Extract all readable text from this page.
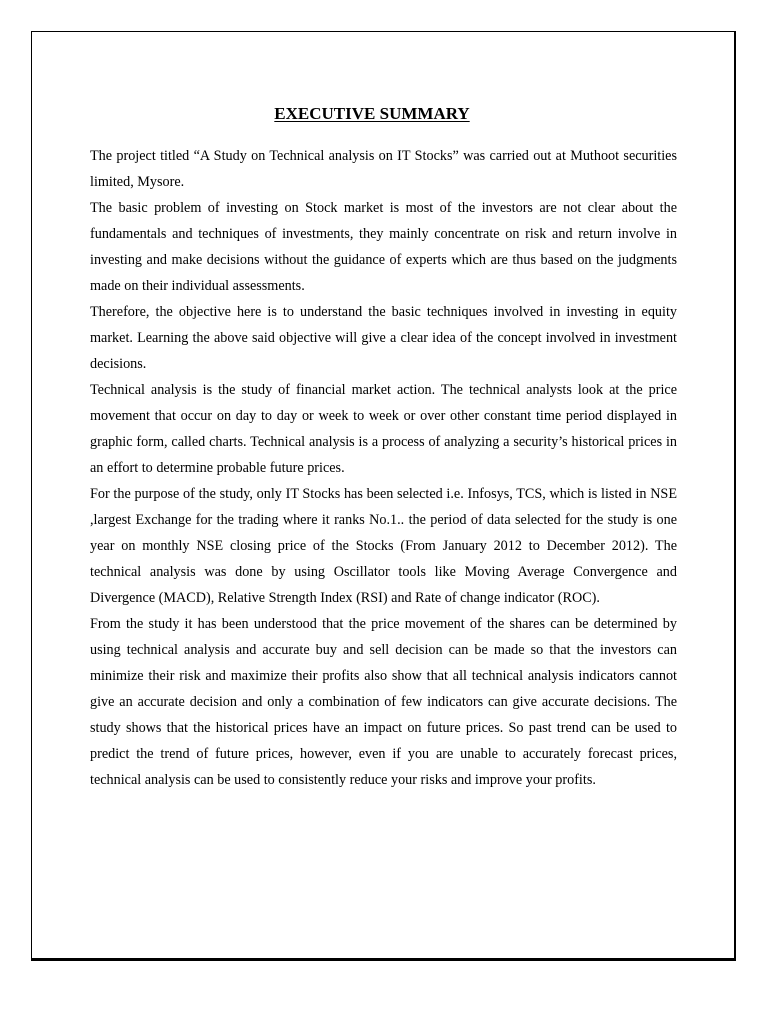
EXECUTIVE SUMMARY

The project titled “A Study on Technical analysis on IT Stocks” was carried out at Muthoot securities limited, Mysore.

The basic problem of investing on Stock market is most of the investors are not clear about the fundamentals and techniques of investments, they mainly concentrate on risk and return involve in investing and make decisions without the guidance of experts which are thus based on the judgments made on their individual assessments.

Therefore, the objective here is to understand the basic techniques involved in investing in equity market. Learning the above said objective will give a clear idea of the concept involved in investment decisions.

Technical analysis is the study of financial market action. The technical analysts look at the price movement that occur on day to day or week to week or over other constant time period displayed in graphic form, called charts. Technical analysis is a process of analyzing a security’s historical prices in an effort to determine probable future prices.

For the purpose of the study, only IT Stocks has been selected i.e. Infosys, TCS, which is listed in NSE ,largest Exchange for the trading where it ranks No.1.. the period of data selected for the study is one year on monthly NSE closing price of the Stocks (From January 2012 to December 2012). The technical analysis was done by using Oscillator tools like Moving Average Convergence and Divergence (MACD), Relative Strength Index (RSI) and Rate of change indicator (ROC).

From the study it has been understood that the price movement of the shares can be determined by using technical analysis and accurate buy and sell decision can be made so that the investors can minimize their risk and maximize their profits also show that all technical analysis indicators cannot give an accurate decision and only a combination of few indicators can give accurate decisions. The study shows that the historical prices have an impact on future prices. So past trend can be used to predict the trend of future prices, however, even if you are unable to accurately forecast prices, technical analysis can be used to consistently reduce your risks and improve your profits.
